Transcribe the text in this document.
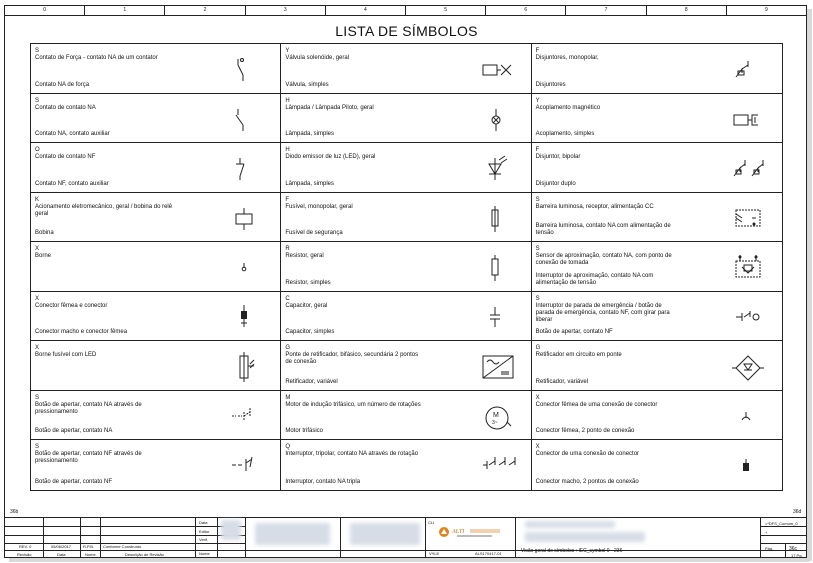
0	1	2	3	4	5	6	7	8	9
LISTA DE SÍMBOLOS
S
Contato de Força - contato NA de um contator
Contato NA de força
Y
Válvula solenóide, geral
Válvula, simples
F
Disjuntores, monopolar,
Disjuntores
S
Contato de contato NA
Contato NA, contato auxiliar
H
Lâmpada / Lâmpada Piloto, geral
Lâmpada, simples
Y
Acoplamento magnético
Acoplamento, simples
O
Contato de contato NF
Contato NF, contato auxiliar
H
Diodo emissor de luz (LED), geral
Lâmpada, simples
F
Disjuntor, bipolar
Disjuntor duplo
K
Acionamento eletromecânico, geral / bobina do relê geral
Bobina
F
Fusível, monopolar, geral
Fusível de segurança
S
Barreira luminosa, receptor, alimentação CC
Barreira luminosa, contato NA com alimentação de tensão
X
Borne
R
Resistor, geral
Resistor, simples
S
Sensor de aproximação, contato NA, com ponto de conexão de tomada
Interruptor de aproximação, contato NA com alimentação de tensão
X
Conector fêmea e conector
Conector macho e conector fêmea
C
Capacitor, geral
Capacitor, simples
S
Interruptor de parada de emergência / botão de parada de emergência, contato NF, com girar para liberar
Botão de apertar, contato NF
X
Borne fusível com LED
G
Ponte de retificador, bifásico, secundária 2 pontos de conexão
Retificador, variável
G
Retificador em circuito em ponte
Retificador, variável
S
Botão de apertar, contato NA através de pressionamento
Botão de apertar, contato NA
M
Motor de indução trifásico, um número de rotações
Motor trifásico
M
3~
X
Conector fêmea de uma conexão de conector
Conector fêmea, 2 ponto de conexão
S
Botão de apertar, contato NF através de pressionamento
Botão de apertar, contato NF
Q
Interruptor, tripolar, contato NA através de rotação
Interruptor, contato NA tripla
X
Conector de uma conexão de conector
Conector macho, 2 pontos de conexão
36b	36d
Data
Editor
Verif.
Nome
REV. 0	05/06/2017	R.P.B. Conforme Construído
Revisão	Data	Nome	Descrição de Revisão
CLI
ALTI
V*ILE	ALS170417-01	Visão geral do símbolos : IEC_symbol 0 - 236
=*DFS_Comum_0
+
Pág.	36c
17 Pg.
